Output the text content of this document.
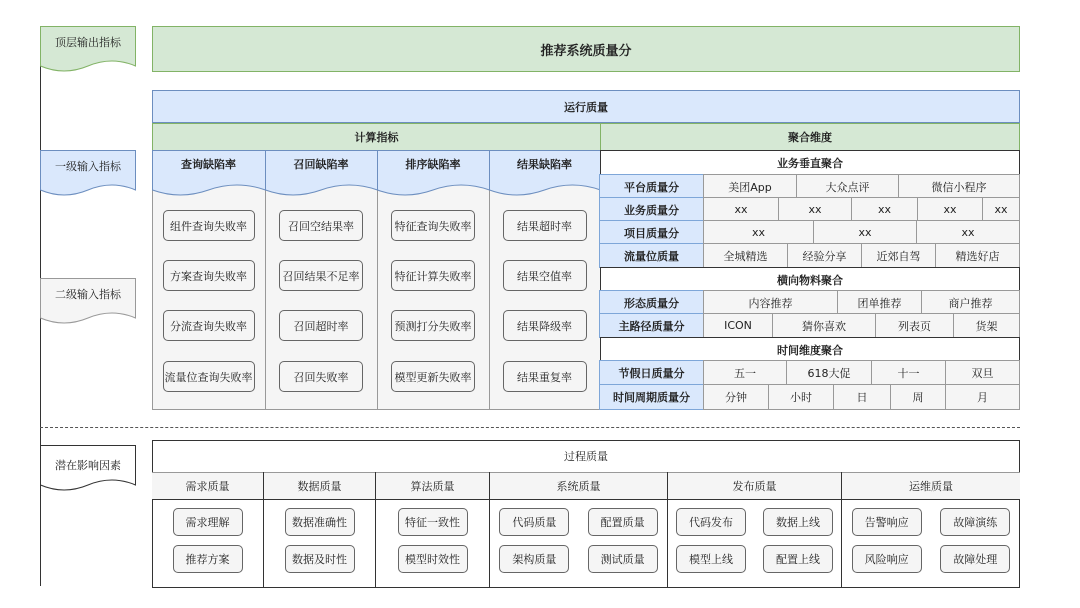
顶层输出指标
一级输入指标
二级输入指标
潜在影响因素
推荐系统质量分
运行质量
计算指标	聚合维度
查询缺陷率
组件查询失败率
方案查询失败率
分流查询失败率
流量位查询失败率
召回缺陷率
召回空结果率
召回结果不足率
召回超时率
召回失败率
排序缺陷率
特征查询失败率
特征计算失败率
预测打分失败率
模型更新失败率
结果缺陷率
结果超时率
结果空值率
结果降级率
结果重复率
业务垂直聚合
平台质量分	美团App	大众点评	微信小程序
业务质量分	xx	xx	xx	xx	xx
项目质量分	xx	xx	xx
流量位质量	全城精选	经验分享	近郊自驾	精选好店
横向物料聚合
形态质量分	内容推荐	团单推荐	商户推荐
主路径质量分	ICON	猜你喜欢	列表页	货架
时间维度聚合
节假日质量分	五一	618大促	十一	双旦
时间周期质量分	分钟	小时	日	周	月
过程质量
需求质量
需求理解
推荐方案
数据质量
数据准确性
数据及时性
算法质量
特征一致性
模型时效性
系统质量
代码质量	配置质量
架构质量	测试质量
发布质量
代码发布	数据上线
模型上线	配置上线
运维质量
告警响应	故障演练
风险响应	故障处理
